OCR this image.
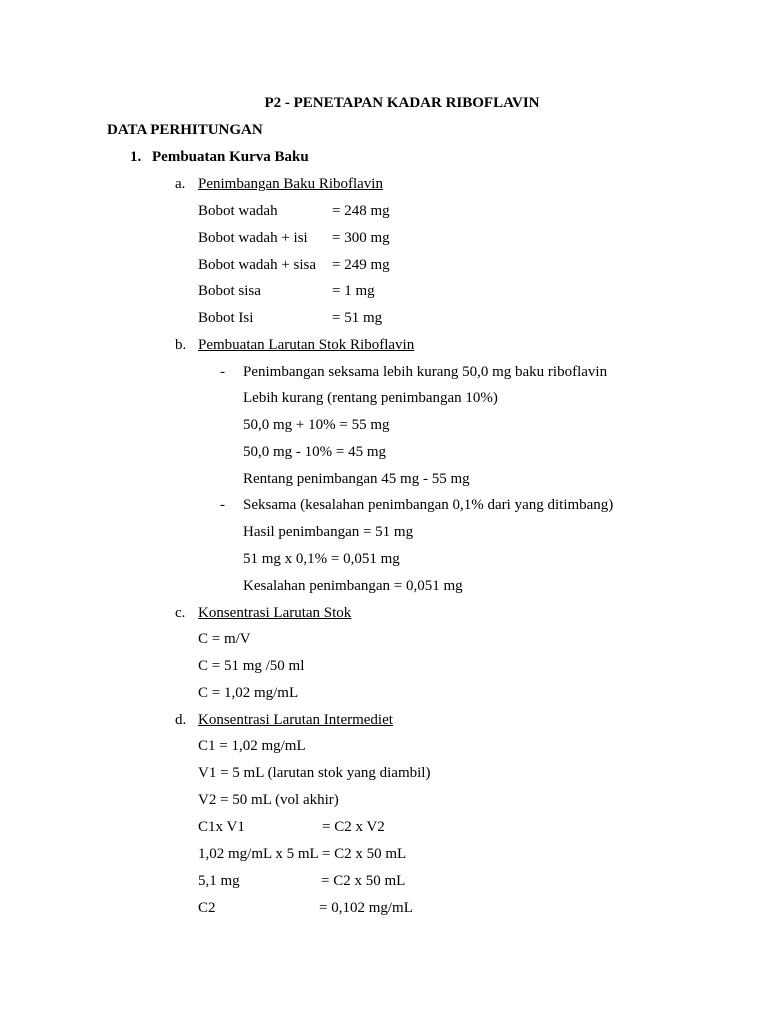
P2 - PENETAPAN KADAR RIBOFLAVIN
DATA PERHITUNGAN
1. Pembuatan Kurva Baku
a. Penimbangan Baku Riboflavin
Bobot wadah	= 248 mg
Bobot wadah + isi = 300 mg
Bobot wadah + sisa = 249 mg
Bobot sisa	= 1 mg
Bobot Isi	= 51 mg
b. Pembuatan Larutan Stok Riboflavin
- Penimbangan seksama lebih kurang 50,0 mg baku riboflavin
Lebih kurang (rentang penimbangan 10%)
50,0 mg + 10% = 55 mg
50,0 mg - 10% = 45 mg
Rentang penimbangan 45 mg - 55 mg
- Seksama (kesalahan penimbangan 0,1% dari yang ditimbang)
Hasil penimbangan = 51 mg
51 mg x 0,1% = 0,051 mg
Kesalahan penimbangan = 0,051 mg
c. Konsentrasi Larutan Stok
C = m/V
C = 51 mg /50 ml
C = 1,02 mg/mL
d. Konsentrasi Larutan Intermediet
C1 = 1,02 mg/mL
V1 = 5 mL (larutan stok yang diambil)
V2 = 50 mL (vol akhir)
C1x V1	= C2 x V2
1,02 mg/mL x 5 mL = C2 x 50 mL
5,1 mg	= C2 x 50 mL
C2	= 0,102 mg/mL
